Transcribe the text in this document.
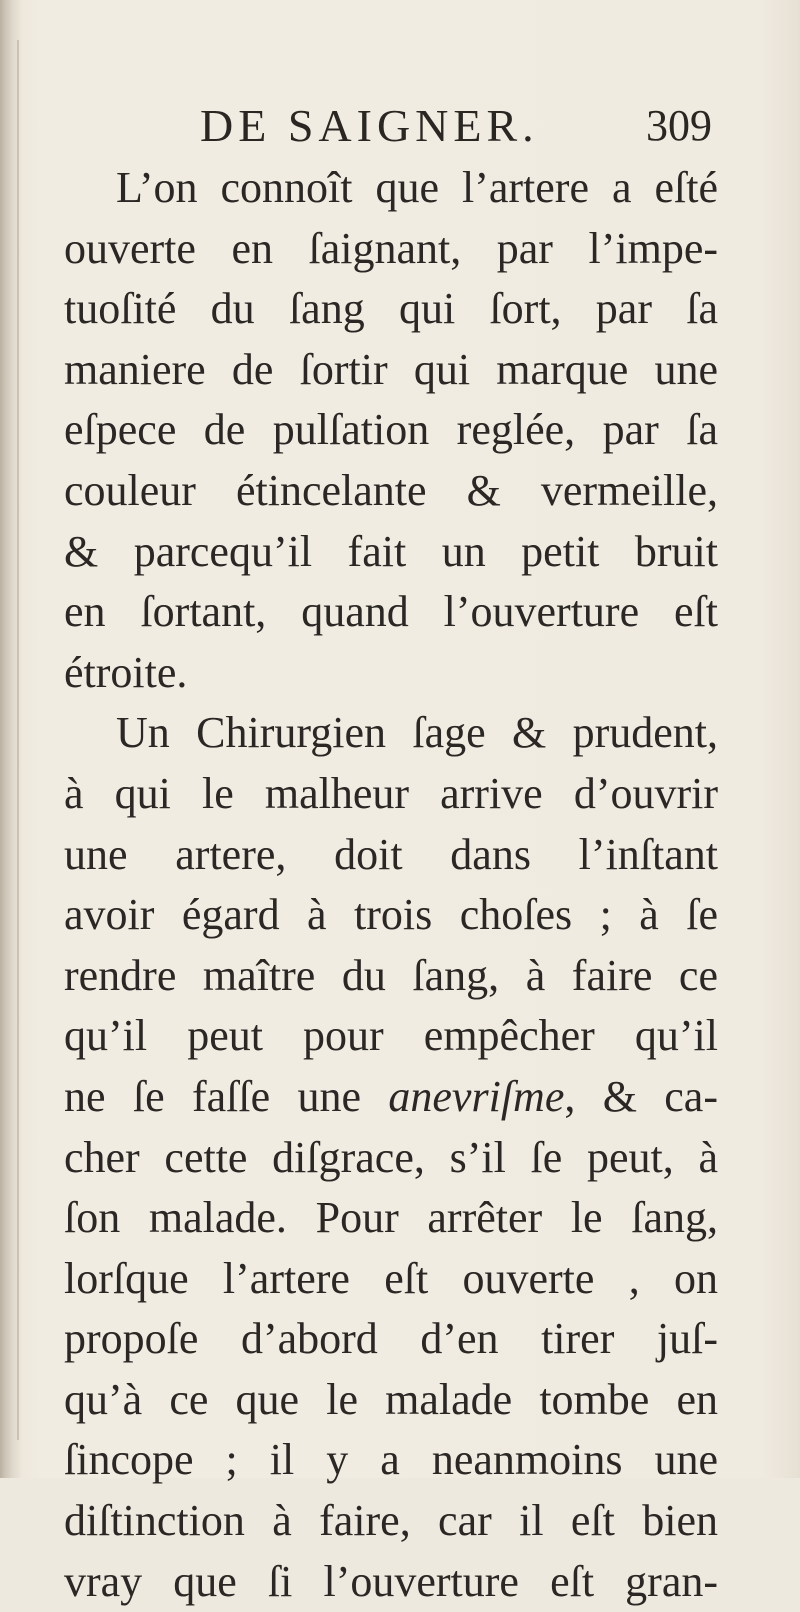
DE SAIGNER. 309
L’on connoît que l’artere a eſté
ouverte en ſaignant, par l’impe-
tuoſité du ſang qui ſort, par ſa
maniere de ſortir qui marque une
eſpece de pulſation reglée, par ſa
couleur étincelante & vermeille,
& parcequ’il fait un petit bruit
en ſortant, quand l’ouverture eſt
étroite.
Un Chirurgien ſage & prudent,
à qui le malheur arrive d’ouvrir
une artere, doit dans l’inſtant
avoir égard à trois choſes ; à ſe
rendre maître du ſang, à faire ce
qu’il peut pour empêcher qu’il
ne ſe faſſe une anevriſme, & ca-
cher cette diſgrace, s’il ſe peut, à
ſon malade. Pour arrêter le ſang,
lorſque l’artere eſt ouverte , on
propoſe d’abord d’en tirer juſ-
qu’à ce que le malade tombe en
ſincope ; il y a neanmoins une
diſtinction à faire, car il eſt bien
vray que ſi l’ouverture eſt gran-
